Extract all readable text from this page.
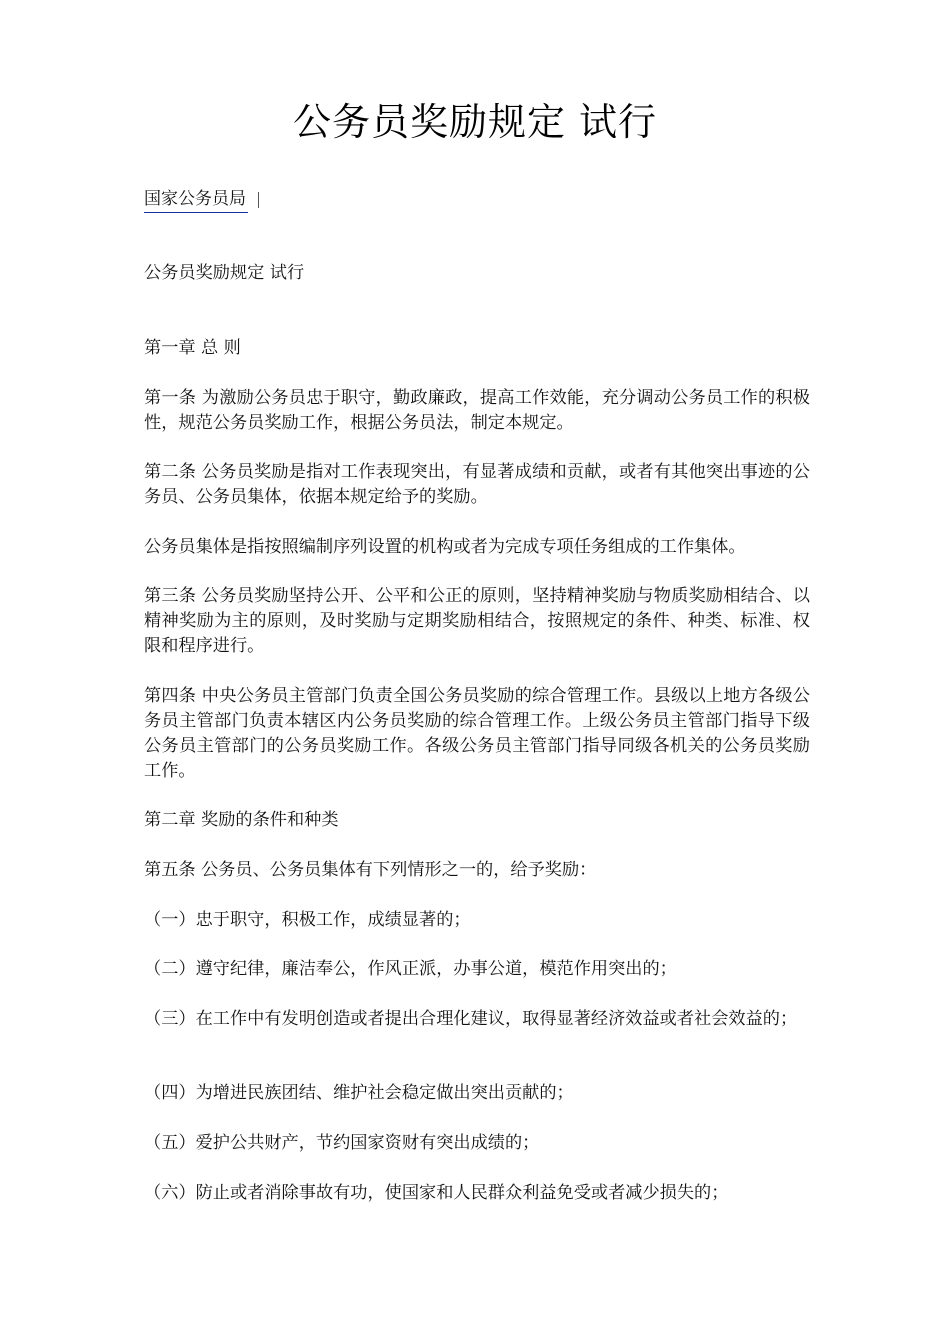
公务员奖励规定 试行
国家公务员局

公务员奖励规定 试行

第一章 总 则

第一条 为激励公务员忠于职守，勤政廉政，提高工作效能，充分调动公务员工作的积极性，规范公务员奖励工作，根据公务员法，制定本规定。

第二条 公务员奖励是指对工作表现突出，有显著成绩和贡献，或者有其他突出事迹的公务员、公务员集体，依据本规定给予的奖励。

公务员集体是指按照编制序列设置的机构或者为完成专项任务组成的工作集体。

第三条 公务员奖励坚持公开、公平和公正的原则，坚持精神奖励与物质奖励相结合、以精神奖励为主的原则，及时奖励与定期奖励相结合，按照规定的条件、种类、标准、权限和程序进行。

第四条 中央公务员主管部门负责全国公务员奖励的综合管理工作。县级以上地方各级公务员主管部门负责本辖区内公务员奖励的综合管理工作。上级公务员主管部门指导下级公务员主管部门的公务员奖励工作。各级公务员主管部门指导同级各机关的公务员奖励工作。

第二章 奖励的条件和种类

第五条 公务员、公务员集体有下列情形之一的，给予奖励：

（一）忠于职守，积极工作，成绩显著的；

（二）遵守纪律，廉洁奉公，作风正派，办事公道，模范作用突出的；

（三）在工作中有发明创造或者提出合理化建议，取得显著经济效益或者社会效益的；

（四）为增进民族团结、维护社会稳定做出突出贡献的；

（五）爱护公共财产，节约国家资财有突出成绩的；

（六）防止或者消除事故有功，使国家和人民群众利益免受或者减少损失的；
